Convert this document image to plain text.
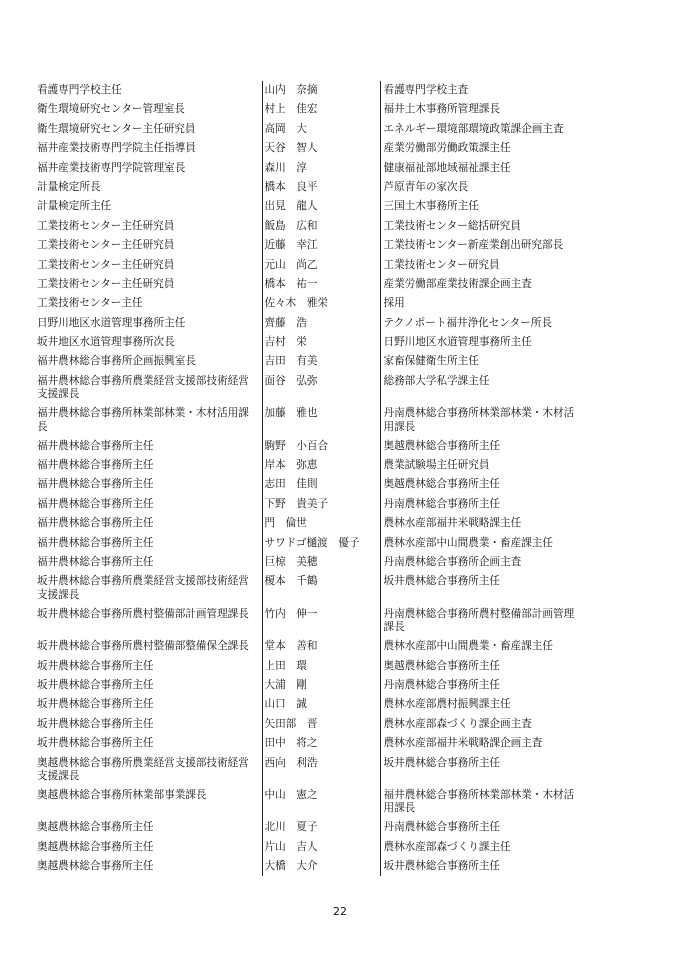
看護専門学校主任	山内　奈摘	看護専門学校主査
衛生環境研究センター管理室長	村上　佳宏	福井土木事務所管理課長
衛生環境研究センター主任研究員	高岡　大	エネルギー環境部環境政策課企画主査
福井産業技術専門学院主任指導員	天谷　智人	産業労働部労働政策課主任
福井産業技術専門学院管理室長	森川　淳	健康福祉部地域福祉課主任
計量検定所長	橋本　良平	芦原青年の家次長
計量検定所主任	出見　龍人	三国土木事務所主任
工業技術センター主任研究員	飯島　広和	工業技術センター総括研究員
工業技術センター主任研究員	近藤　幸江	工業技術センター新産業創出研究部長
工業技術センター主任研究員	元山　尚乙	工業技術センター研究員
工業技術センター主任研究員	橋本　祐一	産業労働部産業技術課企画主査
工業技術センター主任	佐々木　雅栄	採用
日野川地区水道管理事務所主任	齊藤　浩	テクノポート福井浄化センター所長
坂井地区水道管理事務所次長	吉村　栄	日野川地区水道管理事務所主任
福井農林総合事務所企画振興室長	吉田　有美	家畜保健衛生所主任
福井農林総合事務所農業経営支援部技術経営支援課長	面谷　弘弥	総務部大学私学課主任
福井農林総合事務所林業部林業・木材活用課長	加藤　雅也	丹南農林総合事務所林業部林業・木材活用課長
福井農林総合事務所主任	駒野　小百合	奥越農林総合事務所主任
福井農林総合事務所主任	岸本　弥恵	農業試験場主任研究員
福井農林総合事務所主任	志田　佳則	奥越農林総合事務所主任
福井農林総合事務所主任	下野　貴美子	丹南農林総合事務所主任
福井農林総合事務所主任	門　倫世	農林水産部福井米戦略課主任
福井農林総合事務所主任	サワドゴ樋渡　優子	農林水産部中山間農業・畜産課主任
福井農林総合事務所主任	巨椋　美穂	丹南農林総合事務所企画主査
坂井農林総合事務所農業経営支援部技術経営支援課長	榎本　千鶴	坂井農林総合事務所主任
坂井農林総合事務所農村整備部計画管理課長	竹内　伸一	丹南農林総合事務所農村整備部計画管理課長
坂井農林総合事務所農村整備部整備保全課長	堂本　善和	農林水産部中山間農業・畜産課主任
坂井農林総合事務所主任	上田　環	奥越農林総合事務所主任
坂井農林総合事務所主任	大浦　剛	丹南農林総合事務所主任
坂井農林総合事務所主任	山口　誠	農林水産部農村振興課主任
坂井農林総合事務所主任	矢田部　晋	農林水産部森づくり課企画主査
坂井農林総合事務所主任	田中　将之	農林水産部福井米戦略課企画主査
奥越農林総合事務所農業経営支援部技術経営支援課長	西向　利浩	坂井農林総合事務所主任
奥越農林総合事務所林業部事業課長	中山　憲之	福井農林総合事務所林業部林業・木材活用課長
奥越農林総合事務所主任	北川　夏子	丹南農林総合事務所主任
奥越農林総合事務所主任	片山　吉人	農林水産部森づくり課主任
奥越農林総合事務所主任	大橋　大介	坂井農林総合事務所主任
22
